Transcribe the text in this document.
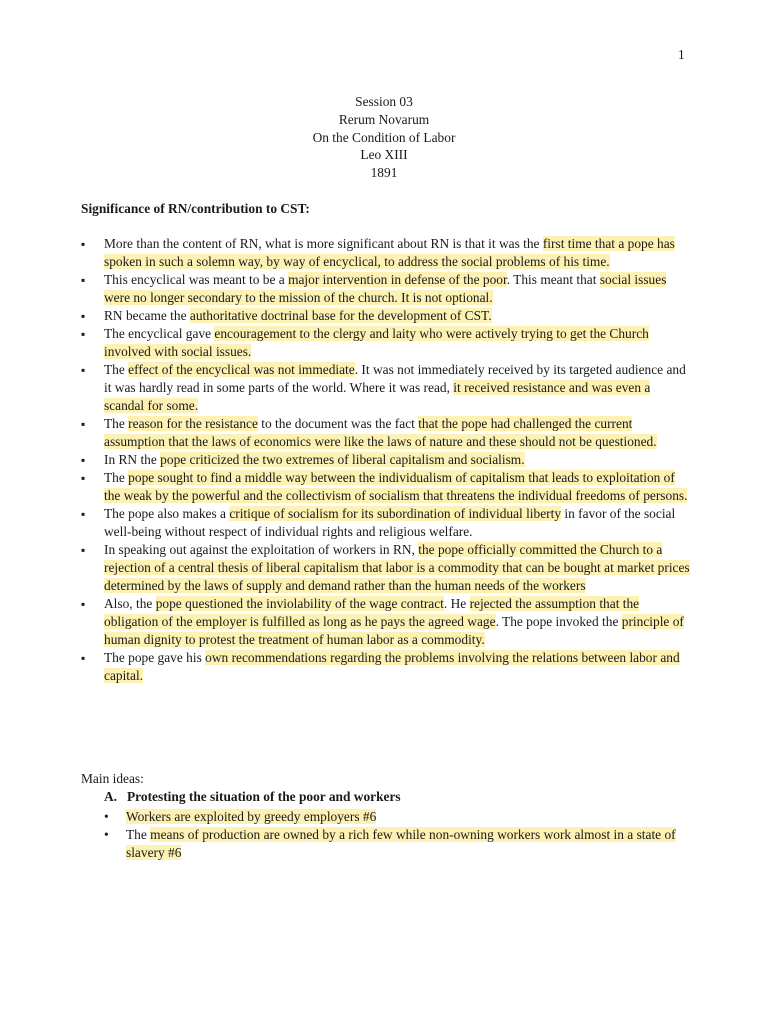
1
Session 03
Rerum Novarum
On the Condition of Labor
Leo XIII
1891
Significance of RN/contribution to CST:
▪ More than the content of RN, what is more significant about RN is that it was the first time that a pope has spoken in such a solemn way, by way of encyclical, to address the social problems of his time.
▪ This encyclical was meant to be a major intervention in defense of the poor. This meant that social issues were no longer secondary to the mission of the church. It is not optional.
▪ RN became the authoritative doctrinal base for the development of CST.
▪ The encyclical gave encouragement to the clergy and laity who were actively trying to get the Church involved with social issues.
▪ The effect of the encyclical was not immediate. It was not immediately received by its targeted audience and it was hardly read in some parts of the world. Where it was read, it received resistance and was even a scandal for some.
▪ The reason for the resistance to the document was the fact that the pope had challenged the current assumption that the laws of economics were like the laws of nature and these should not be questioned.
▪ In RN the pope criticized the two extremes of liberal capitalism and socialism.
▪ The pope sought to find a middle way between the individualism of capitalism that leads to exploitation of the weak by the powerful and the collectivism of socialism that threatens the individual freedoms of persons.
▪ The pope also makes a critique of socialism for its subordination of individual liberty in favor of the social well-being without respect of individual rights and religious welfare.
▪ In speaking out against the exploitation of workers in RN, the pope officially committed the Church to a rejection of a central thesis of liberal capitalism that labor is a commodity that can be bought at market prices determined by the laws of supply and demand rather than the human needs of the workers
▪ Also, the pope questioned the inviolability of the wage contract. He rejected the assumption that the obligation of the employer is fulfilled as long as he pays the agreed wage. The pope invoked the principle of human dignity to protest the treatment of human labor as a commodity.
▪ The pope gave his own recommendations regarding the problems involving the relations between labor and capital.
Main ideas:
A. Protesting the situation of the poor and workers
• Workers are exploited by greedy employers #6
• The means of production are owned by a rich few while non-owning workers work almost in a state of slavery #6
